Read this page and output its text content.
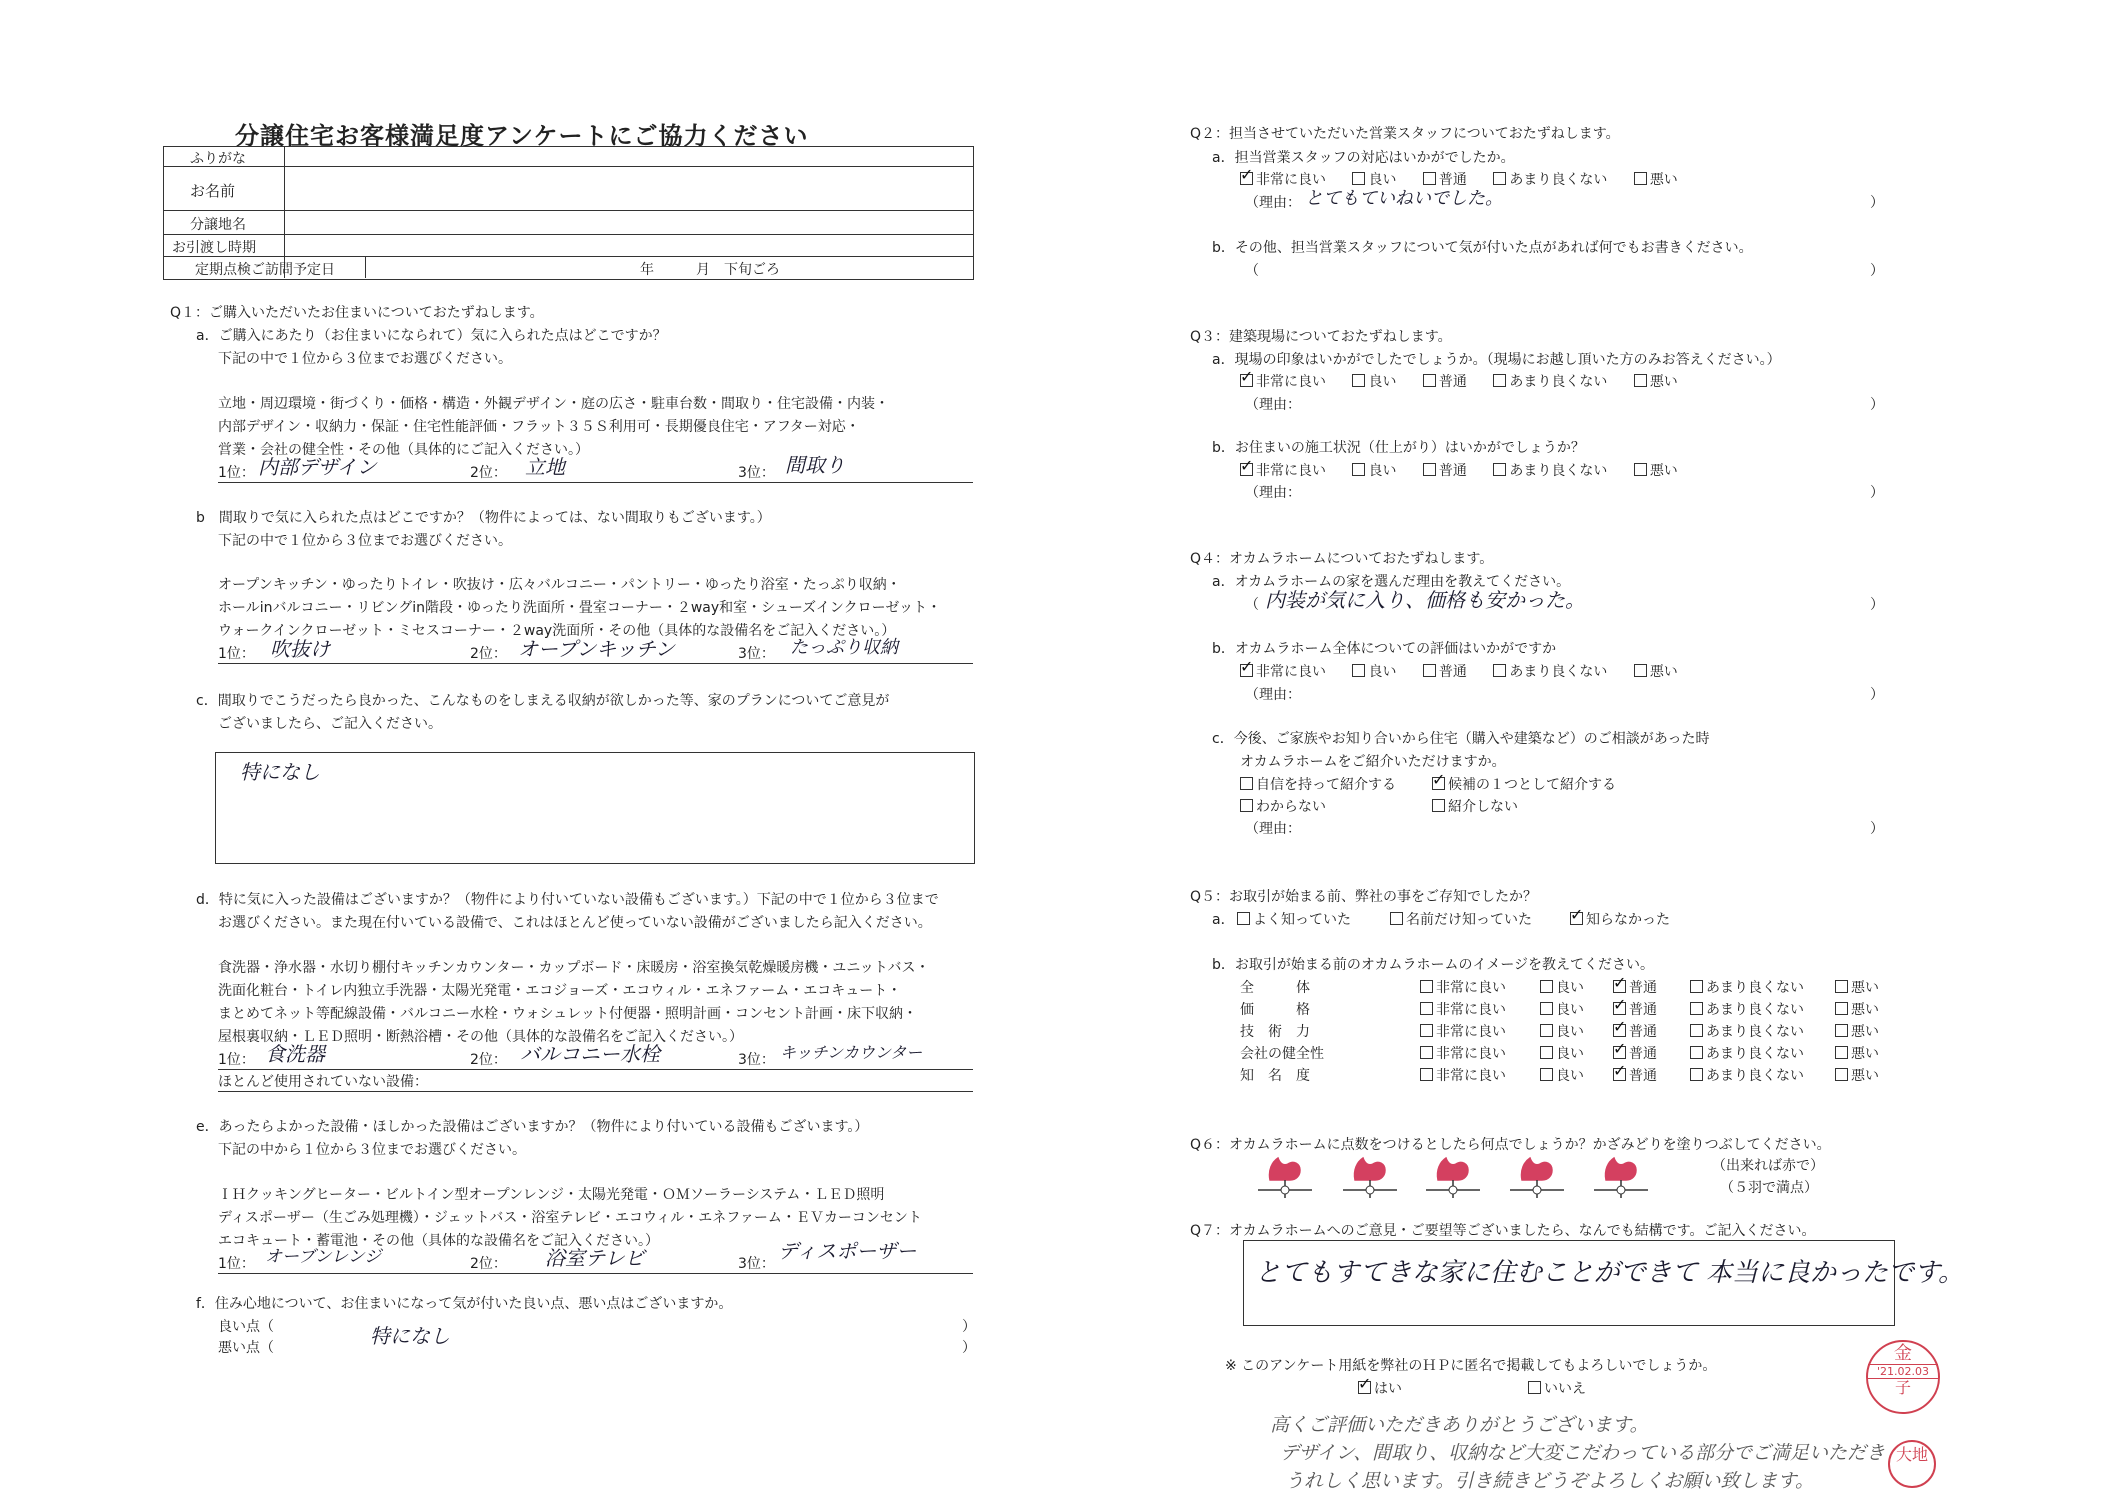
分譲住宅お客様満足度アンケートにご協力ください
ふりがな
お名前
分譲地名
お引渡し時期
定期点検ご訪問予定日	年　　　月　下旬ごろ
Q１：ご購入いただいたお住まいについておたずねします。
a．ご購入にあたり（お住まいになられて）気に入られた点はどこですか？
下記の中で１位から３位までお選びください。
立地・周辺環境・街づくり・価格・構造・外観デザイン・庭の広さ・駐車台数・間取り・住宅設備・内装・
内部デザイン・収納力・保証・住宅性能評価・フラット３５Ｓ利用可・長期優良住宅・アフター対応・
営業・会社の健全性・その他（具体的にご記入ください。）
1位： 内部デザイン	2位： 立地	3位： 間取り
b　間取りで気に入られた点はどこですか？（物件によっては、ない間取りもございます。）
下記の中で１位から３位までお選びください。
オープンキッチン・ゆったりトイレ・吹抜け・広々バルコニー・パントリー・ゆったり浴室・たっぷり収納・
ホールinバルコニー・リビングin階段・ゆったり洗面所・畳室コーナー・２way和室・シューズインクローゼット・
ウォークインクローゼット・ミセスコーナー・２way洗面所・その他（具体的な設備名をご記入ください。）
1位： 吹抜け	2位： オープンキッチン	3位： たっぷり収納
c．間取りでこうだったら良かった、こんなものをしまえる収納が欲しかった等、家のプランについてご意見が
ございましたら、ご記入ください。
特になし
d．特に気に入った設備はございますか？（物件により付いていない設備もございます。）下記の中で１位から３位まで
お選びください。また現在付いている設備で、これはほとんど使っていない設備がございましたら記入ください。
食洗器・浄水器・水切り棚付キッチンカウンター・カップボード・床暖房・浴室換気乾燥暖房機・ユニットバス・
洗面化粧台・トイレ内独立手洗器・太陽光発電・エコジョーズ・エコウィル・エネファーム・エコキュート・
まとめてネット等配線設備・バルコニー水栓・ウォシュレット付便器・照明計画・コンセント計画・床下収納・
屋根裏収納・ＬＥＤ照明・断熱浴槽・その他（具体的な設備名をご記入ください。）
1位： 食洗器	2位： バルコニー水栓	3位： キッチンカウンター
ほとんど使用されていない設備：
e．あったらよかった設備・ほしかった設備はございますか？（物件により付いている設備もございます。）
下記の中から１位から３位までお選びください。
ＩＨクッキングヒーター・ビルトイン型オープンレンジ・太陽光発電・ＯＭソーラーシステム・ＬＥＤ照明
ディスポーザー（生ごみ処理機）・ジェットバス・浴室テレビ・エコウィル・エネファーム・ＥＶカーコンセント
エコキュート・蓄電池・その他（具体的な設備名をご記入ください。）
1位： オーブンレンジ	2位： 浴室テレビ	3位：
ディスポーザー
f．住み心地について、お住まいになって気が付いた良い点、悪い点はございますか。
良い点（	）
悪い点（	）
特になし
Q２：担当させていただいた営業スタッフについておたずねします。
a．担当営業スタッフの対応はいかがでしたか。
✓非常に良い	良い	普通	あまり良くない	悪い
（理由： とてもていねいでした。	）
b．その他、担当営業スタッフについて気が付いた点があれば何でもお書きください。
（	）
Q３：建築現場についておたずねします。
a．現場の印象はいかがでしたでしょうか。（現場にお越し頂いた方のみお答えください。）
✓非常に良い	良い	普通	あまり良くない	悪い
（理由：	）
b．お住まいの施工状況（仕上がり）はいかがでしょうか？
✓非常に良い	良い	普通	あまり良くない	悪い
（理由：	）
Q４：オカムラホームについておたずねします。
a．オカムラホームの家を選んだ理由を教えてください。
（ 内装が気に入り、価格も安かった。	）
b．オカムラホーム全体についての評価はいかがですか
✓非常に良い	良い	普通	あまり良くない	悪い
（理由：	）
c．今後、ご家族やお知り合いから住宅（購入や建築など）のご相談があった時
オカムラホームをご紹介いただけますか。
自信を持って紹介する ✓	候補の１つとして紹介する
わからない	紹介しない
（理由：	）
Q５：お取引が始まる前、弊社の事をご存知でしたか？
a．	よく知っていた	名前だけ知っていた ✓	知らなかった
b．お取引が始まる前のオカムラホームのイメージを教えてください。
全　　　体	非常に良い	良い ✓	普通	あまり良くない	悪い
価　　　格	非常に良い	良い ✓	普通	あまり良くない	悪い
技　術　力	非常に良い	良い ✓	普通	あまり良くない	悪い
会社の健全性	非常に良い	良い ✓	普通	あまり良くない	悪い
知　名　度	非常に良い	良い ✓	普通	あまり良くない	悪い
Q６：オカムラホームに点数をつけるとしたら何点でしょうか？かざみどりを塗りつぶしてください。
（出来れば赤で）
（５羽で満点）
Q７：オカムラホームへのご意見・ご要望等ございましたら、なんでも結構です。ご記入ください。
とてもすてきな家に住むことができて 本当に良かったです。
※ このアンケート用紙を弊社のＨＰに匿名で掲載してもよろしいでしょうか。
✓はい	いいえ
高くご評価いただきありがとうございます。
デザイン、間取り、収納など大変こだわっている部分でご満足いただき
うれしく思います。引き続きどうぞよろしくお願い致します。
金
'21.02.03
子
大地
